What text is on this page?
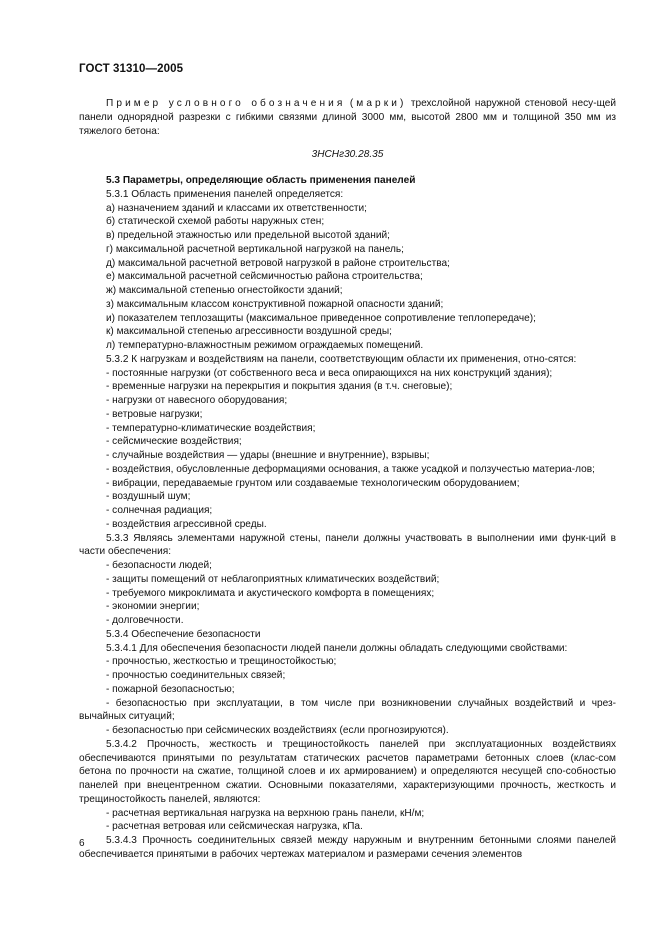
ГОСТ 31310—2005

Пример условного обозначения (марки) трехслойной наружной стеновой несу-щей панели однорядной разрезки с гибкими связями длиной 3000 мм, высотой 2800 мм и толщиной 350 мм из тяжелого бетона:

3НСНг30.28.35

5.3 Параметры, определяющие область применения панелей

5.3.1 Область применения панелей определяется:

а) назначением зданий и классами их ответственности;

б) статической схемой работы наружных стен;

в) предельной этажностью или предельной высотой зданий;

г) максимальной расчетной вертикальной нагрузкой на панель;

д) максимальной расчетной ветровой нагрузкой в районе строительства;

е) максимальной расчетной сейсмичностью района строительства;

ж) максимальной степенью огнестойкости зданий;

з) максимальным классом конструктивной пожарной опасности зданий;

и) показателем теплозащиты (максимальное приведенное сопротивление теплопередаче);

к) максимальной степенью агрессивности воздушной среды;

л) температурно-влажностным режимом ограждаемых помещений.

5.3.2 К нагрузкам и воздействиям на панели, соответствующим области их применения, отно-сятся:

- постоянные нагрузки (от собственного веса и веса опирающихся на них конструкций здания);

- временные нагрузки на перекрытия и покрытия здания (в т.ч. снеговые);

- нагрузки от навесного оборудования;

- ветровые нагрузки;

- температурно-климатические воздействия;

- сейсмические воздействия;

- случайные воздействия — удары (внешние и внутренние), взрывы;

- воздействия, обусловленные деформациями основания, а также усадкой и ползучестью материа-лов;

- вибрации, передаваемые грунтом или создаваемые технологическим оборудованием;

- воздушный шум;

- солнечная радиация;

- воздействия агрессивной среды.

5.3.3 Являясь элементами наружной стены, панели должны участвовать в выполнении ими функ-ций в части обеспечения:

- безопасности людей;

- защиты помещений от неблагоприятных климатических воздействий;

- требуемого микроклимата и акустического комфорта в помещениях;

- экономии энергии;

- долговечности.

5.3.4 Обеспечение безопасности

5.3.4.1 Для обеспечения безопасности людей панели должны обладать следующими свойствами:

- прочностью, жесткостью и трещиностойкостью;

- прочностью соединительных связей;

- пожарной безопасностью;

- безопасностью при эксплуатации, в том числе при возникновении случайных воздействий и чрез-вычайных ситуаций;

- безопасностью при сейсмических воздействиях (если прогнозируются).

5.3.4.2 Прочность, жесткость и трещиностойкость панелей при эксплуатационных воздействиях обеспечиваются принятыми по результатам статических расчетов параметрами бетонных слоев (клас-сом бетона по прочности на сжатие, толщиной слоев и их армированием) и определяются несущей спо-собностью панелей при внецентренном сжатии. Основными показателями, характеризующими прочность, жесткость и трещиностойкость панелей, являются:

- расчетная вертикальная нагрузка на верхнюю грань панели, кН/м;

- расчетная ветровая или сейсмическая нагрузка, кПа.

5.3.4.3 Прочность соединительных связей между наружным и внутренним бетонными слоями панелей обеспечивается принятыми в рабочих чертежах материалом и размерами сечения элементов

6
